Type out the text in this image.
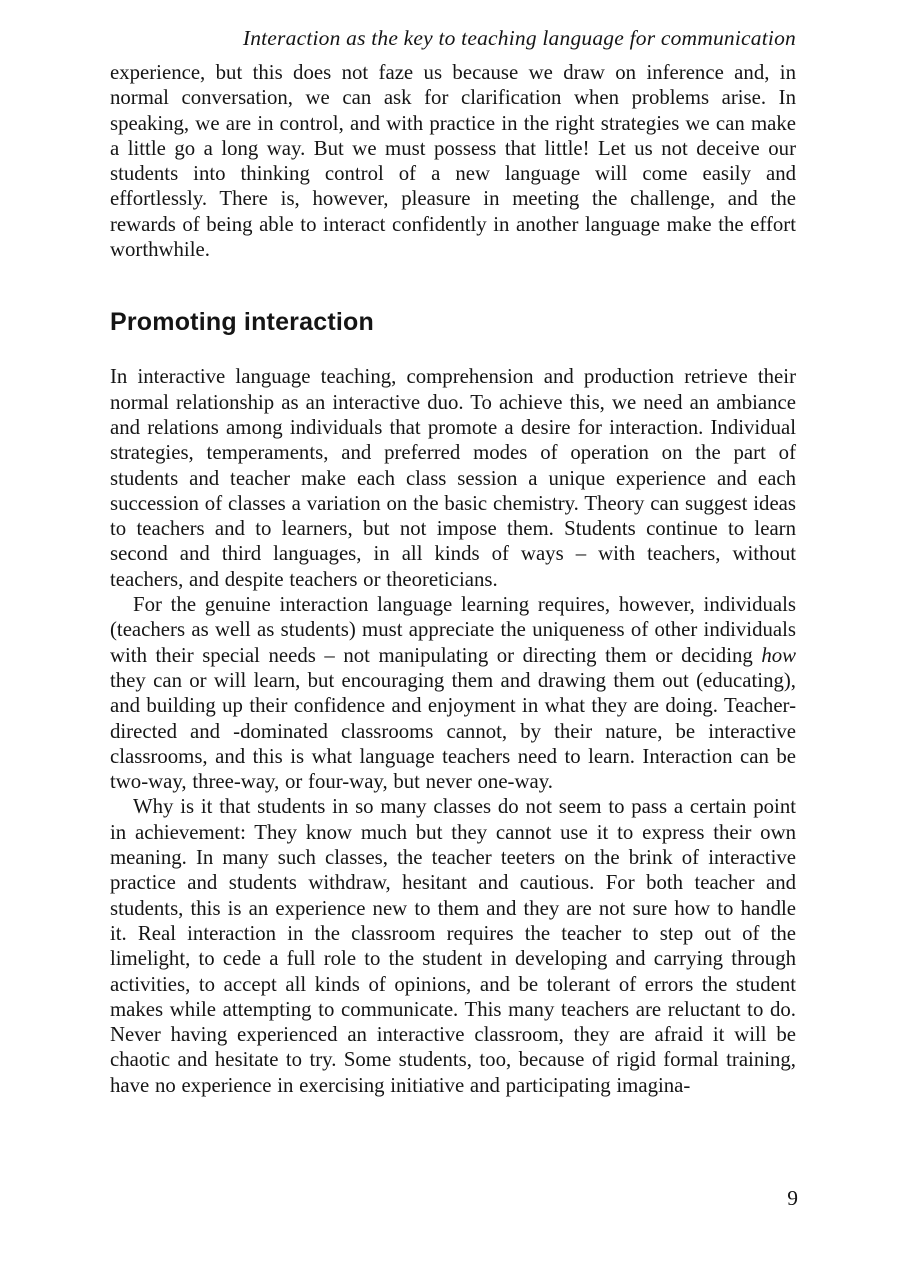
Interaction as the key to teaching language for communication

experience, but this does not faze us because we draw on inference and, in normal conversation, we can ask for clarification when problems arise. In speaking, we are in control, and with practice in the right strategies we can make a little go a long way. But we must possess that little! Let us not deceive our students into thinking control of a new language will come easily and effortlessly. There is, however, pleasure in meeting the challenge, and the rewards of being able to interact confidently in another language make the effort worthwhile.

Promoting interaction

In interactive language teaching, comprehension and production retrieve their normal relationship as an interactive duo. To achieve this, we need an ambiance and relations among individuals that promote a desire for interaction. Individual strategies, temperaments, and preferred modes of operation on the part of students and teacher make each class session a unique experience and each succession of classes a variation on the basic chemistry. Theory can suggest ideas to teachers and to learners, but not impose them. Students continue to learn second and third languages, in all kinds of ways – with teachers, without teachers, and despite teachers or theoreticians.

For the genuine interaction language learning requires, however, individuals (teachers as well as students) must appreciate the uniqueness of other individuals with their special needs – not manipulating or directing them or deciding how they can or will learn, but encouraging them and drawing them out (educating), and building up their confidence and enjoyment in what they are doing. Teacher-directed and -dominated classrooms cannot, by their nature, be interactive classrooms, and this is what language teachers need to learn. Interaction can be two-way, three-way, or four-way, but never one-way.

Why is it that students in so many classes do not seem to pass a certain point in achievement: They know much but they cannot use it to express their own meaning. In many such classes, the teacher teeters on the brink of interactive practice and students withdraw, hesitant and cautious. For both teacher and students, this is an experience new to them and they are not sure how to handle it. Real interaction in the classroom requires the teacher to step out of the limelight, to cede a full role to the student in developing and carrying through activities, to accept all kinds of opinions, and be tolerant of errors the student makes while attempting to communicate. This many teachers are reluctant to do. Never having experienced an interactive classroom, they are afraid it will be chaotic and hesitate to try. Some students, too, because of rigid formal training, have no experience in exercising initiative and participating imagina-

9
